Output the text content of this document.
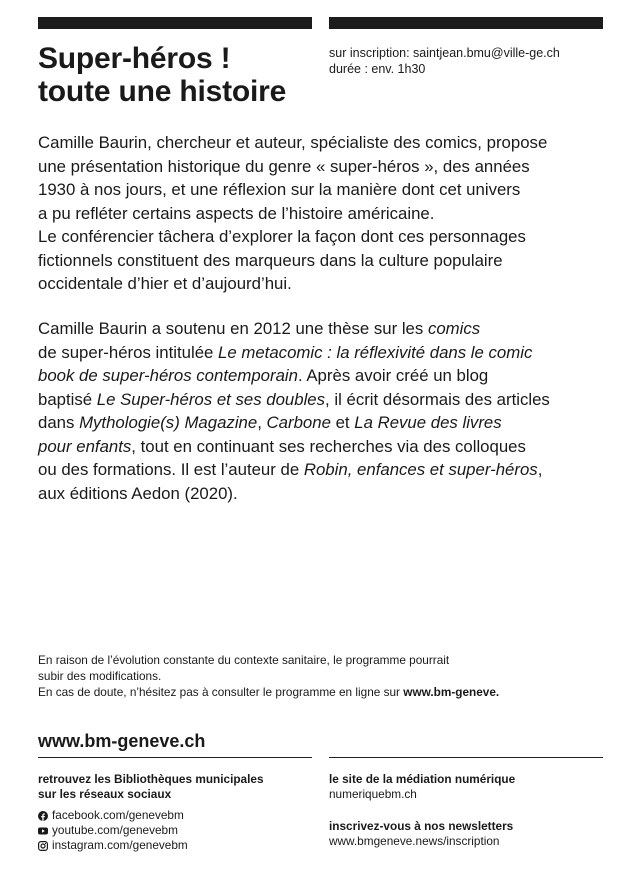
Super-héros !
toute une histoire
sur inscription: saintjean.bmu@ville-ge.ch
durée : env. 1h30
Camille Baurin, chercheur et auteur, spécialiste des comics, propose
une présentation historique du genre « super-héros », des années
1930 à nos jours, et une réflexion sur la manière dont cet univers
a pu refléter certains aspects de l’histoire américaine.
Le conférencier tâchera d’explorer la façon dont ces personnages
fictionnels constituent des marqueurs dans la culture populaire
occidentale d’hier et d’aujourd’hui.
Camille Baurin a soutenu en 2012 une thèse sur les comics
de super-héros intitulée Le metacomic : la réflexivité dans le comic
book de super-héros contemporain. Après avoir créé un blog
baptisé Le Super-héros et ses doubles, il écrit désormais des articles
dans Mythologie(s) Magazine, Carbone et La Revue des livres
pour enfants, tout en continuant ses recherches via des colloques
ou des formations. Il est l’auteur de Robin, enfances et super-héros,
aux éditions Aedon (2020).
En raison de l’évolution constante du contexte sanitaire, le programme pourrait
subir des modifications.
En cas de doute, n’hésitez pas à consulter le programme en ligne sur www.bm-geneve.
www.bm-geneve.ch
retrouvez les Bibliothèques municipales
sur les réseaux sociaux
facebook.com/genevebm
youtube.com/genevebm
instagram.com/genevebm
le site de la médiation numérique
numeriquebm.ch
inscrivez-vous à nos newsletters
www.bmgeneve.news/inscription
